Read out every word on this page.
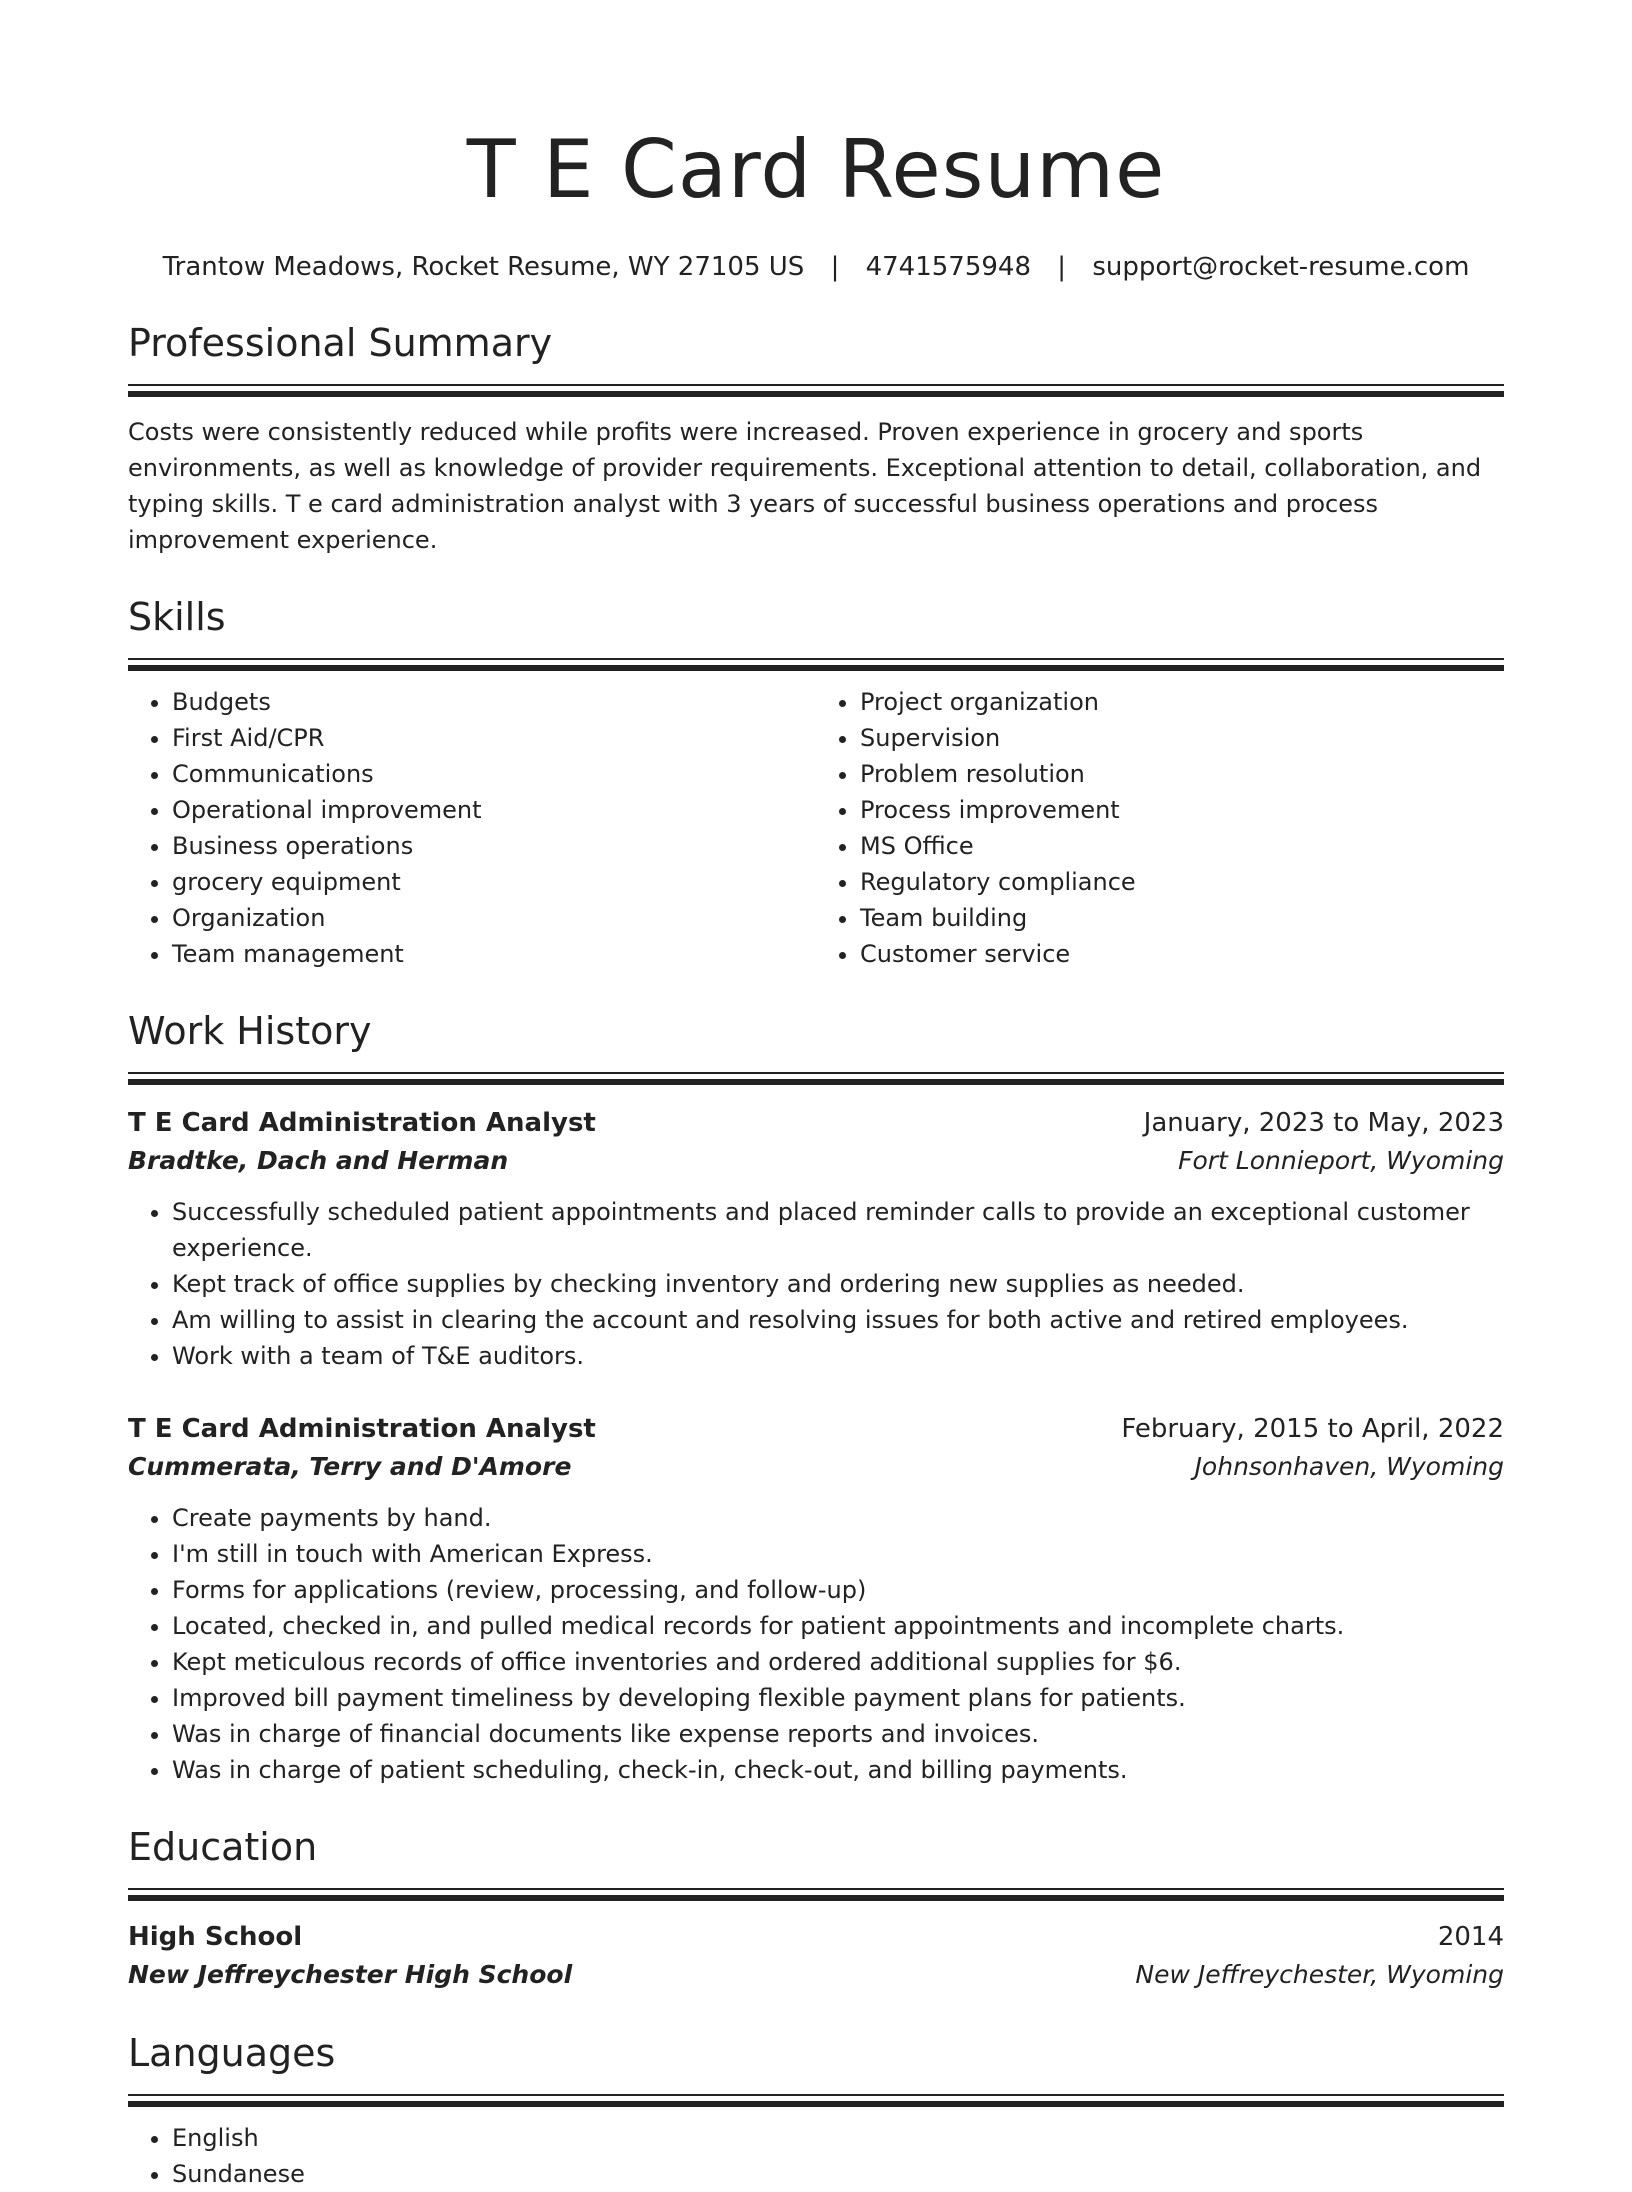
T E Card Resume
Trantow Meadows, Rocket Resume, WY 27105 US | 4741575948 | support@rocket-resume.com
Professional Summary
Costs were consistently reduced while profits were increased. Proven experience in grocery and sports environments, as well as knowledge of provider requirements. Exceptional attention to detail, collaboration, and typing skills. T e card administration analyst with 3 years of successful business operations and process improvement experience.
Skills
• Budgets
• First Aid/CPR
• Communications
• Operational improvement
• Business operations
• grocery equipment
• Organization
• Team management
• Project organization
• Supervision
• Problem resolution
• Process improvement
• MS Office
• Regulatory compliance
• Team building
• Customer service
Work History
T E Card Administration Analyst	January, 2023 to May, 2023
Bradtke, Dach and Herman	Fort Lonnieport, Wyoming
• Successfully scheduled patient appointments and placed reminder calls to provide an exceptional customer experience.
• Kept track of office supplies by checking inventory and ordering new supplies as needed.
• Am willing to assist in clearing the account and resolving issues for both active and retired employees.
• Work with a team of T&E auditors.
T E Card Administration Analyst	February, 2015 to April, 2022
Cummerata, Terry and D'Amore	Johnsonhaven, Wyoming
• Create payments by hand.
• I'm still in touch with American Express.
• Forms for applications (review, processing, and follow-up)
• Located, checked in, and pulled medical records for patient appointments and incomplete charts.
• Kept meticulous records of office inventories and ordered additional supplies for $6.
• Improved bill payment timeliness by developing flexible payment plans for patients.
• Was in charge of financial documents like expense reports and invoices.
• Was in charge of patient scheduling, check-in, check-out, and billing payments.
Education
High School	2014
New Jeffreychester High School	New Jeffreychester, Wyoming
Languages
• English
• Sundanese
